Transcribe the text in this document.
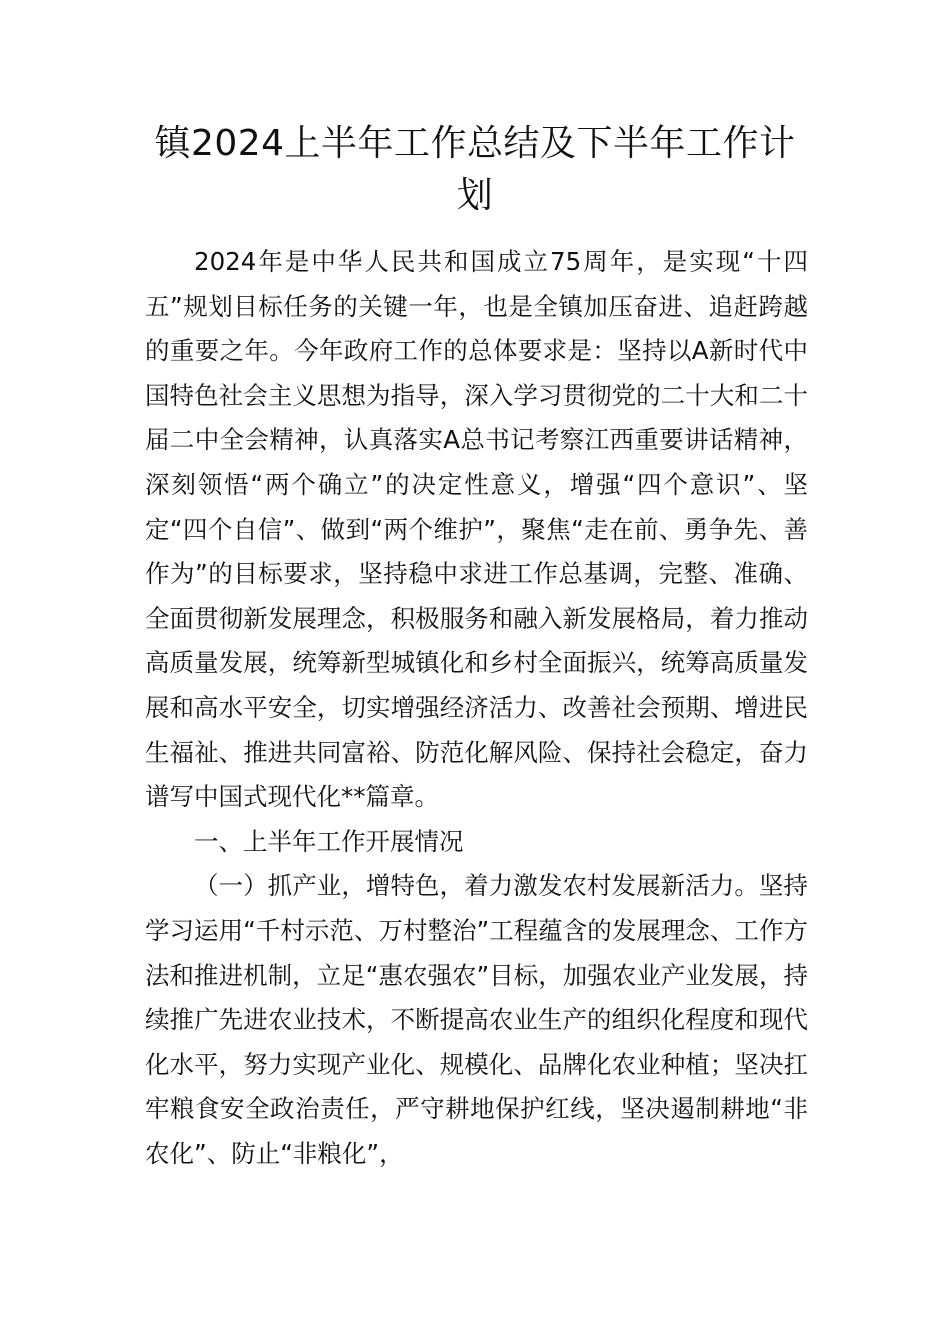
镇2024上半年工作总结及下半年工作计划

2024年是中华人民共和国成立75周年，是实现“十四五”规划目标任务的关键一年，也是全镇加压奋进、追赶跨越的重要之年。今年政府工作的总体要求是：坚持以A新时代中国特色社会主义思想为指导，深入学习贯彻党的二十大和二十届二中全会精神，认真落实A总书记考察江西重要讲话精神，深刻领悟“两个确立”的决定性意义，增强“四个意识”、坚定“四个自信”、做到“两个维护”，聚焦“走在前、勇争先、善作为”的目标要求，坚持稳中求进工作总基调，完整、准确、全面贯彻新发展理念，积极服务和融入新发展格局，着力推动高质量发展，统筹新型城镇化和乡村全面振兴，统筹高质量发展和高水平安全，切实增强经济活力、改善社会预期、增进民生福祉、推进共同富裕、防范化解风险、保持社会稳定，奋力谱写中国式现代化**篇章。

一、上半年工作开展情况

（一）抓产业，增特色，着力激发农村发展新活力。坚持学习运用“千村示范、万村整治”工程蕴含的发展理念、工作方法和推进机制，立足“惠农强农”目标，加强农业产业发展，持续推广先进农业技术，不断提高农业生产的组织化程度和现代化水平，努力实现产业化、规模化、品牌化农业种植；坚决扛牢粮食安全政治责任，严守耕地保护红线，坚决遏制耕地“非农化”、防止“非粮化”，
